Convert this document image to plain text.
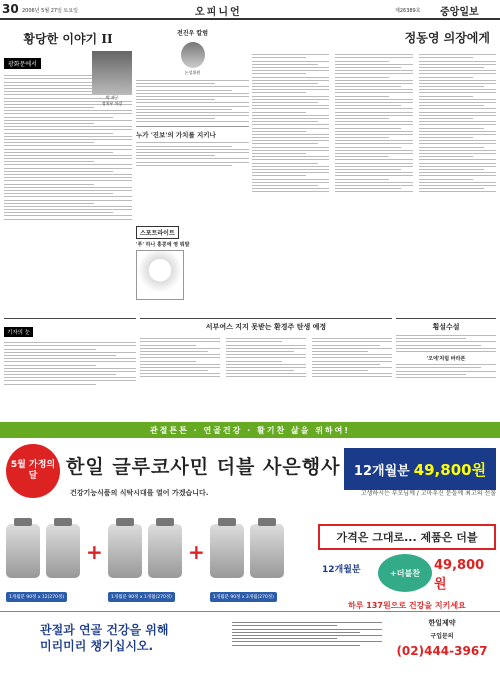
30 2006년 5월 27일 토요일	오피니언	제26389호 중앙일보
황당한 이야기 II
광화문에서
박 제균
정치부 차장
전진우 칼럼
논설위원
누가 '진보'의 가치를 지키나
정동영 의장에게
기자의 눈
서부여스 지지 못받는 환경주 탄생 예정
스포트라이트
'푸' 하나 홍콩에 영 뭐말
횡설수설
'오에'처럼 바라본
관절튼튼 · 연골건강 · 활기찬 삶을 위하여!
5월 가정의 달	한일 글루코사민 더블 사은행사 12개월분 49,800원
건강기능식품의 식탁시대를 열어 가겠습니다.	고생하시는 부모님께 / 고마우신 분들께 최고의 선물
+	+
1개월분 90정 x 12(270정)	1개월분 90정 x 1개월(270정)	1개월분 90정 x 3개월(270정)
가격은 그대로... 제품은 더블
12개월분	+더블찬	49,800원
하루 137원으로 건강을 지키세요
관절과 연골 건강을 위해
미리미리 챙기십시오.
한일제약
구입문의
(02)444-3967
